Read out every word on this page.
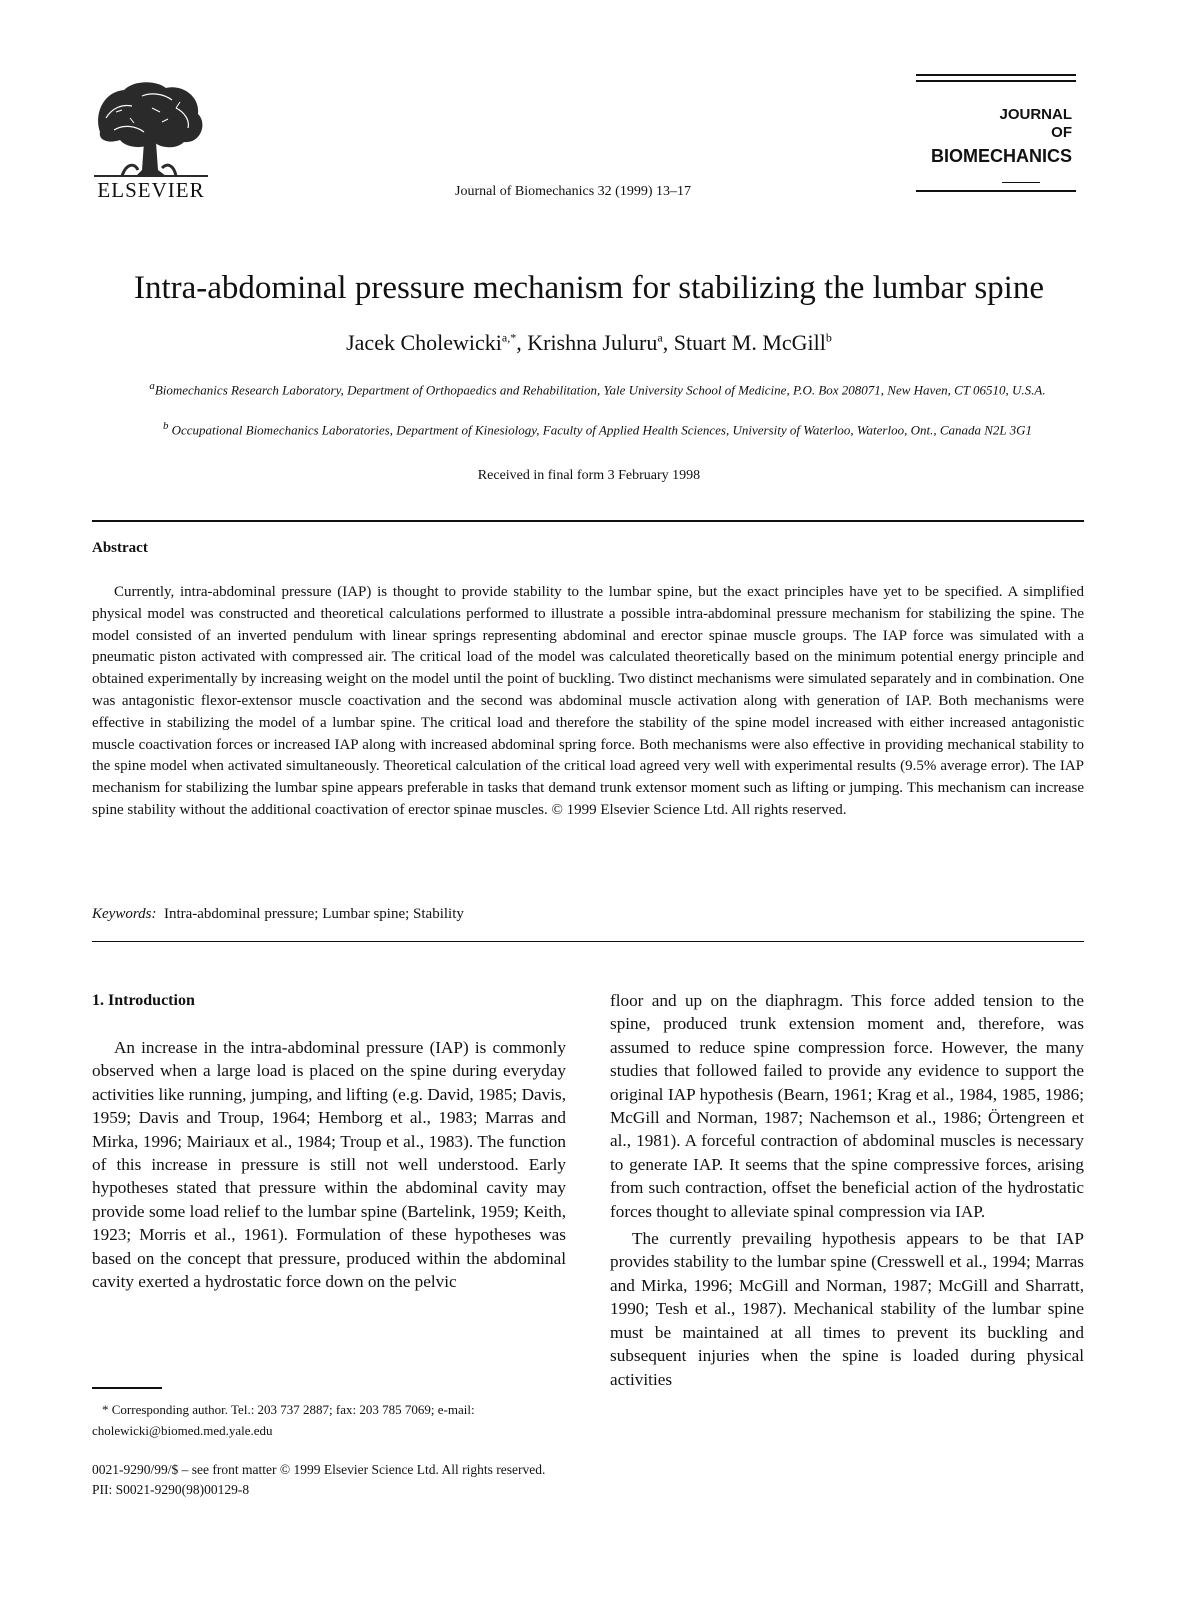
ELSEVIER	Journal of Biomechanics 32 (1999) 13–17
JOURNAL
OF
BIOMECHANICS
Intra-abdominal pressure mechanism for stabilizing the lumbar spine
Jacek Cholewicki$^{a,*}$, Krishna Juluru$^a$, Stuart M. McGill$^b$
$^a$Biomechanics Research Laboratory, Department of Orthopaedics and Rehabilitation, Yale University School of Medicine, P.O. Box 208071, New Haven, CT 06510, U.S.A.
$^b$ Occupational Biomechanics Laboratories, Department of Kinesiology, Faculty of Applied Health Sciences, University of Waterloo, Waterloo, Ont., Canada N2L 3G1
Received in final form 3 February 1998
Abstract

Currently, intra-abdominal pressure (IAP) is thought to provide stability to the lumbar spine, but the exact principles have yet to be specified. A simplified physical model was constructed and theoretical calculations performed to illustrate a possible intra-abdominal pressure mechanism for stabilizing the spine. The model consisted of an inverted pendulum with linear springs representing abdominal and erector spinae muscle groups. The IAP force was simulated with a pneumatic piston activated with compressed air. The critical load of the model was calculated theoretically based on the minimum potential energy principle and obtained experimentally by increasing weight on the model until the point of buckling. Two distinct mechanisms were simulated separately and in combination. One was antagonistic flexor-extensor muscle coactivation and the second was abdominal muscle activation along with generation of IAP. Both mechanisms were effective in stabilizing the model of a lumbar spine. The critical load and therefore the stability of the spine model increased with either increased antagonistic muscle coactivation forces or increased IAP along with increased abdominal spring force. Both mechanisms were also effective in providing mechanical stability to the spine model when activated simultaneously. Theoretical calculation of the critical load agreed very well with experimental results (9.5% average error). The IAP mechanism for stabilizing the lumbar spine appears preferable in tasks that demand trunk extensor moment such as lifting or jumping. This mechanism can increase spine stability without the additional coactivation of erector spinae muscles. © 1999 Elsevier Science Ltd. All rights reserved.

Keywords: Intra-abdominal pressure; Lumbar spine; Stability
1. Introduction

An increase in the intra-abdominal pressure (IAP) is commonly observed when a large load is placed on the spine during everyday activities like running, jumping, and lifting (e.g. David, 1985; Davis, 1959; Davis and Troup, 1964; Hemborg et al., 1983; Marras and Mirka, 1996; Mairiaux et al., 1984; Troup et al., 1983). The function of this increase in pressure is still not well understood. Early hypotheses stated that pressure within the abdominal cavity may provide some load relief to the lumbar spine (Bartelink, 1959; Keith, 1923; Morris et al., 1961). Formulation of these hypotheses was based on the concept that pressure, produced within the abdominal cavity exerted a hydrostatic force down on the pelvic

floor and up on the diaphragm. This force added tension to the spine, produced trunk extension moment and, therefore, was assumed to reduce spine compression force. However, the many studies that followed failed to provide any evidence to support the original IAP hypothesis (Bearn, 1961; Krag et al., 1984, 1985, 1986; McGill and Norman, 1987; Nachemson et al., 1986; Örtengreen et al., 1981). A forceful contraction of abdominal muscles is necessary to generate IAP. It seems that the spine compressive forces, arising from such contraction, offset the beneficial action of the hydrostatic forces thought to alleviate spinal compression via IAP.

The currently prevailing hypothesis appears to be that IAP provides stability to the lumbar spine (Cresswell et al., 1994; Marras and Mirka, 1996; McGill and Norman, 1987; McGill and Sharratt, 1990; Tesh et al., 1987). Mechanical stability of the lumbar spine must be maintained at all times to prevent its buckling and subsequent injuries when the spine is loaded during physical activities

* Corresponding author. Tel.: 203 737 2887; fax: 203 785 7069; e-mail: cholewicki@biomed.med.yale.edu

0021-9290/99/$ – see front matter © 1999 Elsevier Science Ltd. All rights reserved.
PII: S0021-9290(98)00129-8
